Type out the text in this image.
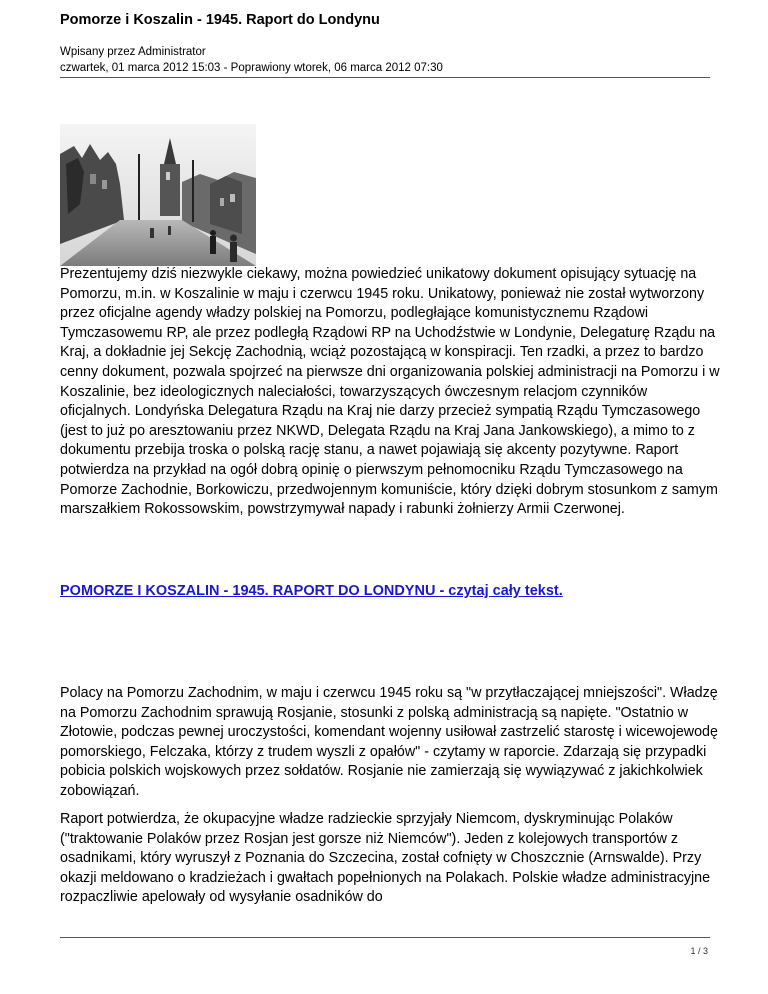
Pomorze i Koszalin - 1945. Raport do Londynu
Wpisany przez Administrator
czwartek, 01 marca 2012 15:03 - Poprawiony wtorek, 06 marca 2012 07:30

Prezentujemy dziś niezwykle ciekawy, można powiedzieć unikatowy dokument opisujący sytuację na Pomorzu, m.in. w Koszalinie w maju i czerwcu 1945 roku. Unikatowy, ponieważ nie został wytworzony przez oficjalne agendy władzy polskiej na Pomorzu, podległające komunistycznemu Rządowi Tymczasowemu RP, ale przez podległą Rządowi RP na Uchodźstwie w Londynie, Delegaturę Rządu na Kraj, a dokładnie jej Sekcję Zachodnią, wciąż pozostającą w konspiracji. Ten rzadki, a przez to bardzo cenny dokument, pozwala spojrzeć na pierwsze dni organizowania polskiej administracji na Pomorzu i w Koszalinie, bez ideologicznych naleciałości, towarzyszących ówczesnym relacjom czynników oficjalnych. Londyńska Delegatura Rządu na Kraj nie darzy przecież sympatią Rządu Tymczasowego (jest to już po aresztowaniu przez NKWD, Delegata Rządu na Kraj Jana Jankowskiego), a mimo to z dokumentu przebija troska o polską rację stanu, a nawet pojawiają się akcenty pozytywne. Raport potwierdza na przykład na ogół dobrą opinię o pierwszym pełnomocniku Rządu Tymczasowego na Pomorze Zachodnie, Borkowiczu, przedwojennym komuniście, który dzięki dobrym stosunkom z samym marszałkiem Rokossowskim, powstrzymywał napady i rabunki żołnierzy Armii Czerwonej.

POMORZE I KOSZALIN - 1945. RAPORT DO LONDYNU - czytaj cały tekst.

Polacy na Pomorzu Zachodnim, w maju i czerwcu 1945 roku są "w przytłaczającej mniejszości". Władzę na Pomorzu Zachodnim sprawują Rosjanie, stosunki z polską administracją są napięte. "Ostatnio w Złotowie, podczas pewnej uroczystości, komendant wojenny usiłował zastrzelić starostę i wicewojewodę pomorskiego, Felczaka, którzy z trudem wyszli z opałów" - czytamy w raporcie. Zdarzają się przypadki pobicia polskich wojskowych przez sołdatów. Rosjanie nie zamierzają się wywiązywać z jakichkolwiek zobowiązań.

Raport potwierdza, że okupacyjne władze radzieckie sprzyjały Niemcom, dyskryminując Polaków ("traktowanie Polaków przez Rosjan jest gorsze niż Niemców"). Jeden z kolejowych transportów z osadnikami, który wyruszył z Poznania do Szczecina, został cofnięty w Choszcznie (Arnswalde). Przy okazji meldowano o kradzieżach i gwałtach popełnionych na Polakach. Polskie władze administracyjne rozpaczliwie apelowały od wysyłanie osadników do

1 / 3
